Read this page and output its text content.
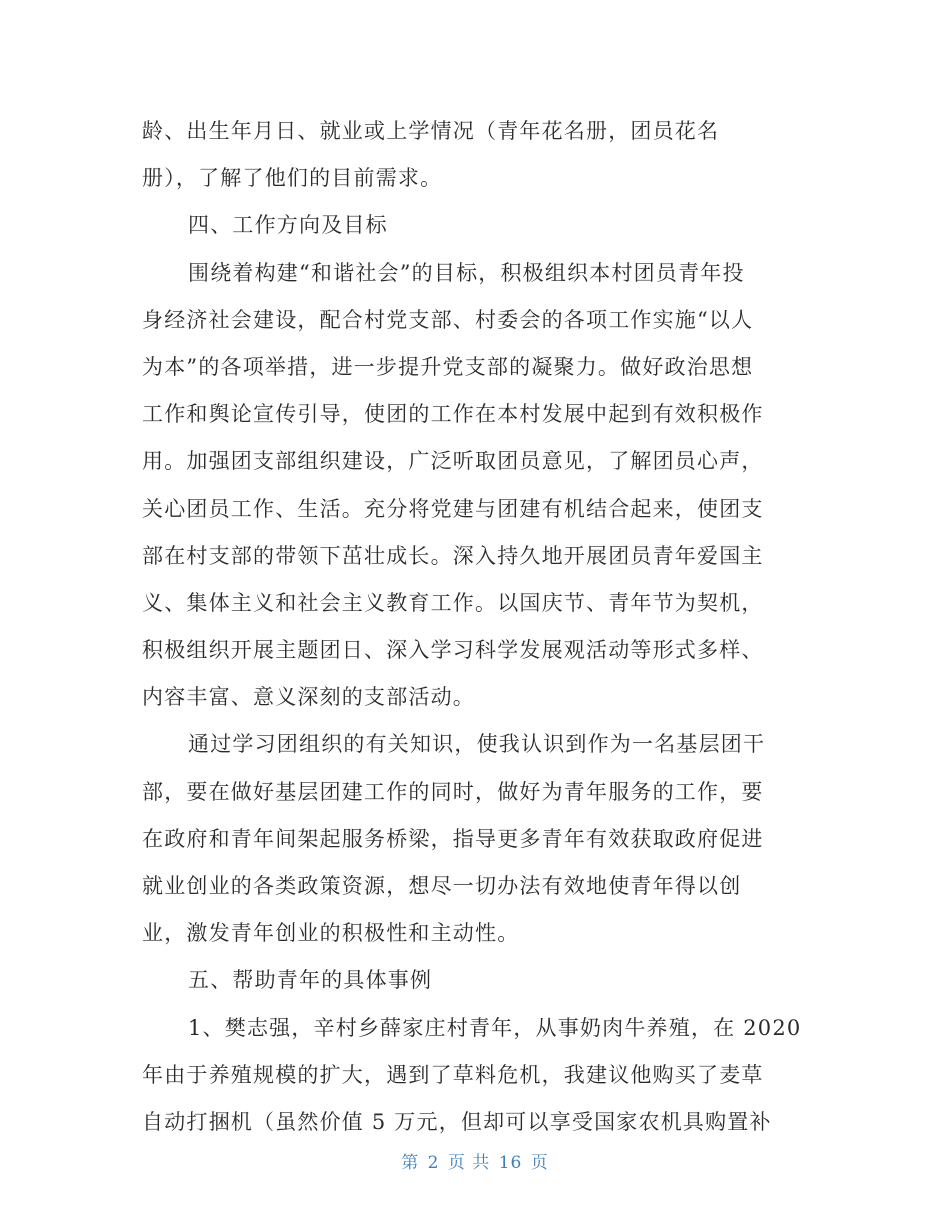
龄、出生年月日、就业或上学情况（青年花名册，团员花名
册），了解了他们的目前需求。
四、工作方向及目标
围绕着构建“和谐社会”的目标，积极组织本村团员青年投
身经济社会建设，配合村党支部、村委会的各项工作实施“以人
为本”的各项举措，进一步提升党支部的凝聚力。做好政治思想
工作和舆论宣传引导，使团的工作在本村发展中起到有效积极作
用。加强团支部组织建设，广泛听取团员意见，了解团员心声，
关心团员工作、生活。充分将党建与团建有机结合起来，使团支
部在村支部的带领下茁壮成长。深入持久地开展团员青年爱国主
义、集体主义和社会主义教育工作。以国庆节、青年节为契机，
积极组织开展主题团日、深入学习科学发展观活动等形式多样、
内容丰富、意义深刻的支部活动。
通过学习团组织的有关知识，使我认识到作为一名基层团干
部，要在做好基层团建工作的同时，做好为青年服务的工作，要
在政府和青年间架起服务桥梁，指导更多青年有效获取政府促进
就业创业的各类政策资源，想尽一切办法有效地使青年得以创
业，激发青年创业的积极性和主动性。
五、帮助青年的具体事例
1、樊志强，辛村乡薛家庄村青年，从事奶肉牛养殖，在 2020
年由于养殖规模的扩大，遇到了草料危机，我建议他购买了麦草
自动打捆机（虽然价值 5 万元，但却可以享受国家农机具购置补
第 2 页 共 16 页
